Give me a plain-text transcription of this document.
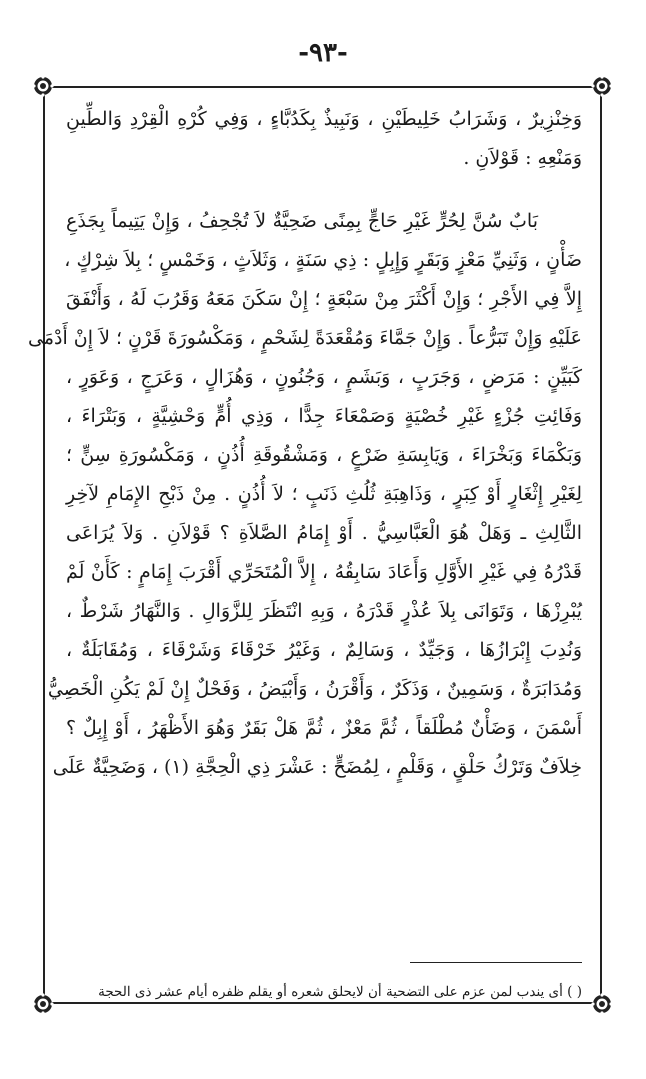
-٩٣-
وَخِنْزِيرٌ ، وَشَرَابُ خَلِيطَيْنِ ، وَنَبِيذٌ بِكَدُبَّاءٍ ، وَفِي كُرْهِ الْقِرْدِ وَالطِّينِ
وَمَنْعِهِ : قَوْلاَنِ .
بَابٌ سُنَّ لِحُرٍّ غَيْرِ حَاجٍّ بِمِنًى ضَحِيَّةٌ لاَ تُجْحِفُ ، وَإِنْ يَتِيماً بِجَذَعِ
ضَأْنٍ ، وَثَنِيِّ مَعْزٍ وَبَقَرٍ وَإِبِلٍ : ذِي سَنَةٍ ، وَثَلاَثٍ ، وَخَمْسٍ ؛ بِلاَ شِرْكٍ ،
إِلاَّ فِي الأَجْرِ ؛ وَإِنْ أَكْثَرَ مِنْ سَبْعَةٍ ؛ إِنْ سَكَنَ مَعَهُ وَقَرُبَ لَهُ ، وَأَنْفَقَ
عَلَيْهِ وَإِنْ تَبَرُّعاً . وَإِنْ جَمَّاءَ وَمُقْعَدَةً لِشَحْمٍ ، وَمَكْسُورَةَ قَرْنٍ ؛ لاَ إِنْ أَدْمَى
كَبَيِّنٍ : مَرَضٍ ، وَجَرَبٍ ، وَبَشَمٍ ، وَجُنُونٍ ، وَهُزَالٍ ، وَعَرَجٍ ، وَعَوَرٍ ،
وَفَائِتِ جُزْءٍ غَيْرِ خُصْيَةٍ وَصَمْعَاءَ جِدًّا ، وَذِي أُمٍّ وَحْشِيَّةٍ ، وَبَتْرَاءَ ،
وَبَكْمَاءَ وَبَخْرَاءَ ، وَيَابِسَةِ ضَرْعٍ ، وَمَشْقُوقَةِ أُذُنٍ ، وَمَكْسُورَةِ سِنٍّ ؛
لِغَيْرِ إِثْغَارٍ أَوْ كِبَرٍ ، وَذَاهِبَةِ ثُلُثِ ذَنَبٍ ؛ لاَ أُذُنٍ . مِنْ ذَبْحِ الإِمَامِ لآخِرِ
الثَّالِثِ ـ وَهَلْ هُوَ الْعَبَّاسِيُّ . أَوْ إِمَامُ الصَّلاَةِ ؟ قَوْلاَنِ . وَلاَ يُرَاعَى
قَدْرُهُ فِي غَيْرِ الأَوَّلِ وَأَعَادَ سَابِقُهُ ، إِلاَّ الْمُتَحَرِّي أَقْرَبَ إِمَامٍ : كَأَنْ لَمْ
يُبْرِزْهَا ، وَتَوَانَى بِلاَ عُذْرٍ قَدْرَهُ ، وَبِهِ انْتَظَرَ لِلزَّوَالِ . وَالنَّهَارُ شَرْطٌ ،
وَنُدِبَ إِبْرَازُهَا ، وَجَيِّدٌ ، وَسَالِمٌ ، وَغَيْرُ خَرْقَاءَ وَشَرْقَاءَ ، وَمُقَابَلَةٌ ،
وَمُدَابَرَةٌ ، وَسَمِينٌ ، وَذَكَرٌ ، وَأَقْرَنُ ، وَأَبْيَضُ ، وَفَحْلٌ إِنْ لَمْ يَكُنِ الْخَصِيُّ
أَسْمَنَ ، وَضَأْنٌ مُطْلَقاً ، ثُمَّ مَعْزٌ ، ثُمَّ هَلْ بَقَرٌ وَهُوَ الأَظْهَرُ ، أَوْ إِبِلٌ ؟
خِلاَفٌ وَتَرْكُ حَلْقٍ ، وَقَلْمٍ ، لِمُضَحٍّ : عَشْرَ ذِي الْحِجَّةِ (١) ، وَضَحِيَّةٌ عَلَى
( ) أى يندب لمن عزم على التضحية أن لايحلق شعره أو يقلم ظفره أيام عشر ذى الحجة
